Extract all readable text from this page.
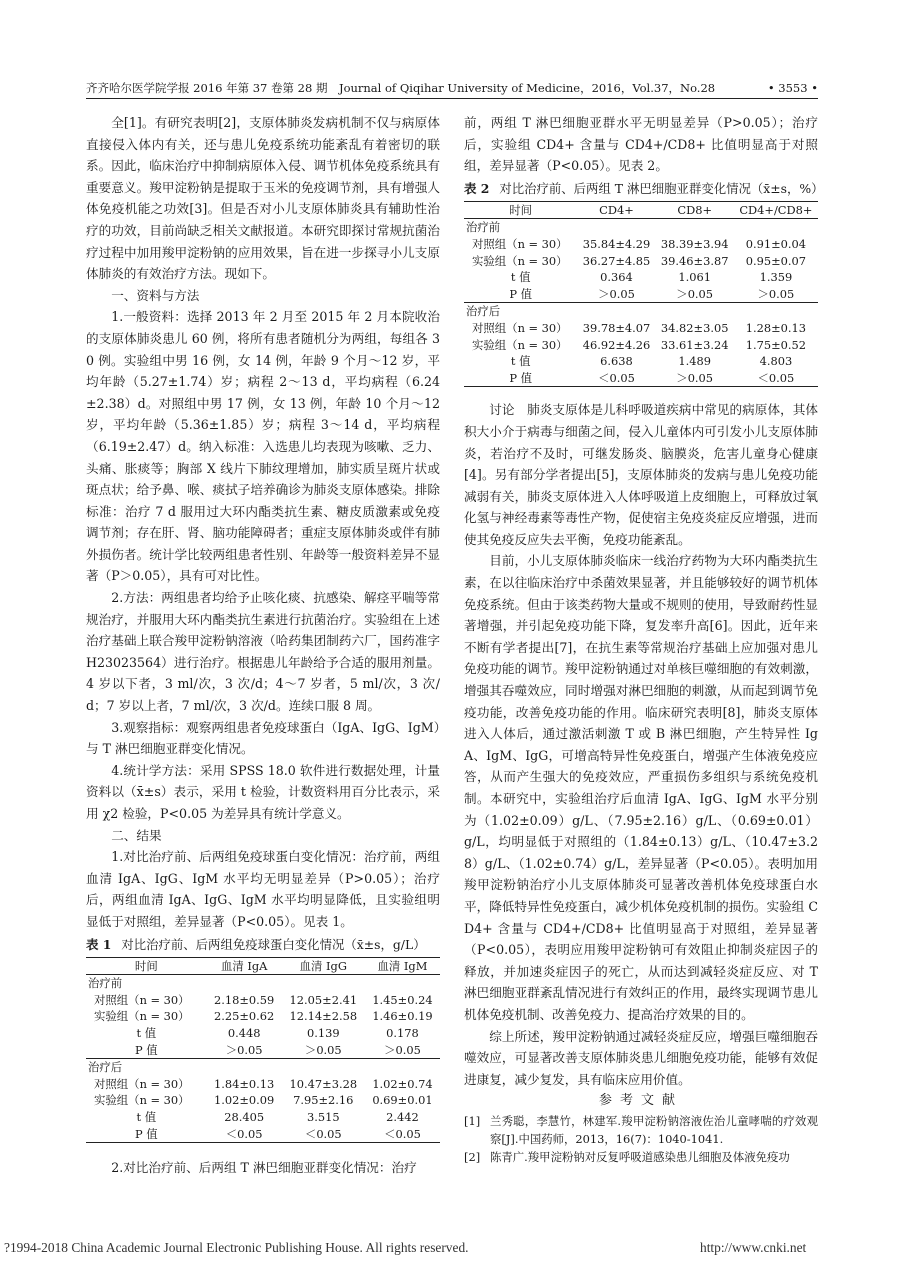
齐齐哈尔医学院学报 2016 年第 37 卷第 28 期　Journal of Qiqihar University of Medicine，2016，Vol.37，No.28	• 3553 •

全[1]。有研究表明[2]，支原体肺炎发病机制不仅与病原体直接侵入体内有关，还与患儿免疫系统功能紊乱有着密切的联系。因此，临床治疗中抑制病原体入侵、调节机体免疫系统具有重要意义。羧甲淀粉钠是提取于玉米的免疫调节剂，具有增强人体免疫机能之功效[3]。但是否对小儿支原体肺炎具有辅助性治疗的功效，目前尚缺乏相关文献报道。本研究即探讨常规抗菌治疗过程中加用羧甲淀粉钠的应用效果，旨在进一步探寻小儿支原体肺炎的有效治疗方法。现如下。

一、资料与方法

1.一般资料：选择 2013 年 2 月至 2015 年 2 月本院收治的支原体肺炎患儿 60 例，将所有患者随机分为两组，每组各 30 例。实验组中男 16 例，女 14 例，年龄 9 个月～12 岁，平均年龄（5.27±1.74）岁；病程 2～13 d，平均病程（6.24±2.38）d。对照组中男 17 例，女 13 例，年龄 10 个月～12 岁，平均年龄（5.36±1.85）岁；病程 3～14 d，平均病程（6.19±2.47）d。纳入标准：入选患儿均表现为咳嗽、乏力、头痛、胀痰等；胸部 X 线片下肺纹理增加，肺实质呈斑片状或斑点状；给予鼻、喉、痰拭子培养确诊为肺炎支原体感染。排除标准：治疗 7 d 服用过大环内酯类抗生素、糖皮质激素或免疫调节剂；存在肝、肾、脑功能障碍者；重症支原体肺炎或伴有肺外损伤者。统计学比较两组患者性别、年龄等一般资料差异不显著（P＞0.05），具有可对比性。

2.方法：两组患者均给予止咳化痰、抗感染、解痉平喘等常规治疗，并服用大环内酯类抗生素进行抗菌治疗。实验组在上述治疗基础上联合羧甲淀粉钠溶液（哈药集团制药六厂，国药准字 H23023564）进行治疗。根据患儿年龄给予合适的服用剂量。4 岁以下者，3 ml/次，3 次/d；4～7 岁者，5 ml/次，3 次/d；7 岁以上者，7 ml/次，3 次/d。连续口服 8 周。

3.观察指标：观察两组患者免疫球蛋白（IgA、IgG、IgM）与 T 淋巴细胞亚群变化情况。

4.统计学方法：采用 SPSS 18.0 软件进行数据处理，计量资料以（x̄±s）表示，采用 t 检验，计数资料用百分比表示，采用 χ2 检验，P<0.05 为差异具有统计学意义。

二、结果

1.对比治疗前、后两组免疫球蛋白变化情况：治疗前，两组血清 IgA、IgG、IgM 水平均无明显差异（P>0.05）；治疗后，两组血清 IgA、IgG、IgM 水平均明显降低，且实验组明显低于对照组，差异显著（P<0.05）。见表 1。

表 1 对比治疗前、后两组免疫球蛋白变化情况（x̄±s，g/L）
时间	血清 IgA	血清 IgG	血清 IgM
治疗前			
对照组（n = 30）	2.18±0.59	12.05±2.41	1.45±0.24
实验组（n = 30）	2.25±0.62	12.14±2.58	1.46±0.19
t 值	0.448	0.139	0.178
P 值	＞0.05	＞0.05	＞0.05
治疗后			
对照组（n = 30）	1.84±0.13	10.47±3.28	1.02±0.74
实验组（n = 30）	1.02±0.09	7.95±2.16	0.69±0.01
t 值	28.405	3.515	2.442
P 值	＜0.05	＜0.05	＜0.05

2.对比治疗前、后两组 T 淋巴细胞亚群变化情况：治疗

前，两组 T 淋巴细胞亚群水平无明显差异（P>0.05）；治疗后，实验组 CD4+ 含量与 CD4+/CD8+ 比值明显高于对照组，差异显著（P<0.05）。见表 2。

表 2 对比治疗前、后两组 T 淋巴细胞亚群变化情况（x̄±s，%）
时间	CD4+	CD8+	CD4+/CD8+
治疗前			
对照组（n = 30）	35.84±4.29	38.39±3.94	0.91±0.04
实验组（n = 30）	36.27±4.85	39.46±3.87	0.95±0.07
t 值	0.364	1.061	1.359
P 值	＞0.05	＞0.05	＞0.05
治疗后			
对照组（n = 30）	39.78±4.07	34.82±3.05	1.28±0.13
实验组（n = 30）	46.92±4.26	33.61±3.24	1.75±0.52
t 值	6.638	1.489	4.803
P 值	＜0.05	＞0.05	＜0.05

讨论　肺炎支原体是儿科呼吸道疾病中常见的病原体，其体积大小介于病毒与细菌之间，侵入儿童体内可引发小儿支原体肺炎，若治疗不及时，可继发肠炎、脑膜炎，危害儿童身心健康[4]。另有部分学者提出[5]，支原体肺炎的发病与患儿免疫功能减弱有关，肺炎支原体进入人体呼吸道上皮细胞上，可释放过氧化氢与神经毒素等毒性产物，促使宿主免疫炎症反应增强，进而使其免疫反应失去平衡，免疫功能紊乱。

目前，小儿支原体肺炎临床一线治疗药物为大环内酯类抗生素，在以往临床治疗中杀菌效果显著，并且能够较好的调节机体免疫系统。但由于该类药物大量或不规则的使用，导致耐药性显著增强，并引起免疫功能下降，复发率升高[6]。因此，近年来不断有学者提出[7]，在抗生素等常规治疗基础上应加强对患儿免疫功能的调节。羧甲淀粉钠通过对单核巨噬细胞的有效刺激，增强其吞噬效应，同时增强对淋巴细胞的刺激，从而起到调节免疫功能，改善免疫功能的作用。临床研究表明[8]，肺炎支原体进入人体后，通过激活刺激 T 或 B 淋巴细胞，产生特异性 IgA、IgM、IgG，可增高特异性免疫蛋白，增强产生体液免疫应答，从而产生强大的免疫效应，严重损伤多组织与系统免疫机制。本研究中，实验组治疗后血清 IgA、IgG、IgM 水平分别为（1.02±0.09）g/L、（7.95±2.16）g/L、（0.69±0.01）g/L，均明显低于对照组的（1.84±0.13）g/L、（10.47±3.28）g/L、（1.02±0.74）g/L，差异显著（P<0.05）。表明加用羧甲淀粉钠治疗小儿支原体肺炎可显著改善机体免疫球蛋白水平，降低特异性免疫蛋白，减少机体免疫机制的损伤。实验组 CD4+ 含量与 CD4+/CD8+ 比值明显高于对照组，差异显著（P<0.05），表明应用羧甲淀粉钠可有效阻止抑制炎症因子的释放，并加速炎症因子的死亡，从而达到减轻炎症反应、对 T 淋巴细胞亚群紊乱情况进行有效纠正的作用，最终实现调节患儿机体免疫机制、改善免疫力、提高治疗效果的目的。

综上所述，羧甲淀粉钠通过减轻炎症反应，增强巨噬细胞吞噬效应，可显著改善支原体肺炎患儿细胞免疫功能，能够有效促进康复，减少复发，具有临床应用价值。

参考文献
[1] 兰秀聪，李慧竹，林建军.羧甲淀粉钠溶液佐治儿童哮喘的疗效观察[J].中国药师，2013，16(7)：1040-1041.
[2] 陈青广.羧甲淀粉钠对反复呼吸道感染患儿细胞及体液免疫功
?1994-2018 China Academic Journal Electronic Publishing House. All rights reserved.	http://www.cnki.net
